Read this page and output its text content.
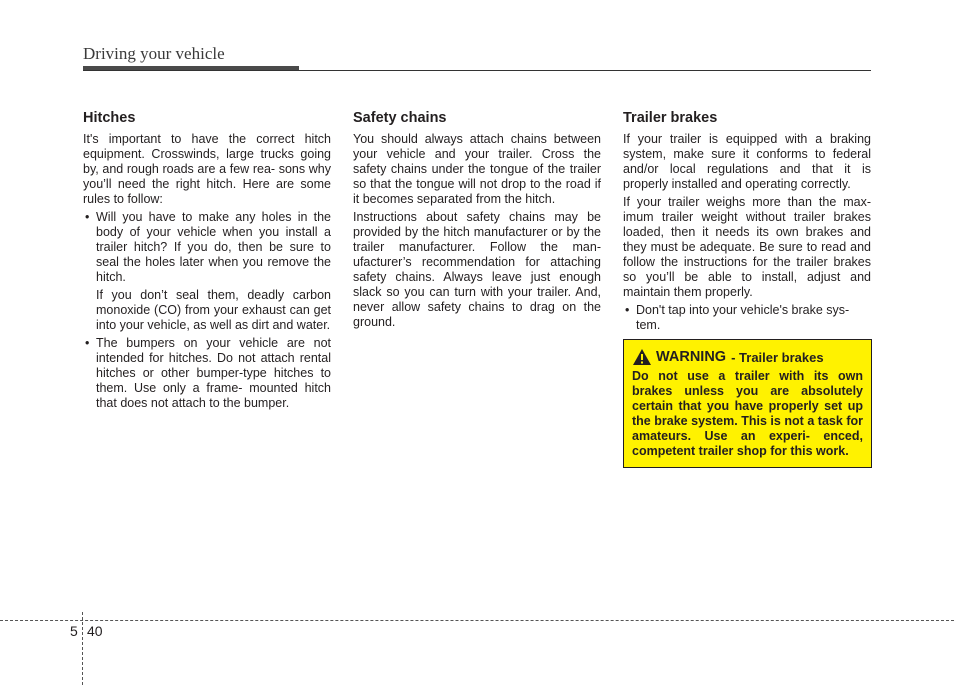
Driving your vehicle
Hitches

It's important to have the correct hitch equipment. Crosswinds, large trucks going by, and rough roads are a few rea- sons why you’ll need the right hitch. Here are some rules to follow:

• Will you have to make any holes in the body of your vehicle when you install a trailer hitch? If you do, then be sure to seal the holes later when you remove the hitch.

If you don’t seal them, deadly carbon monoxide (CO) from your exhaust can get into your vehicle, as well as dirt and water.

• The bumpers on your vehicle are not intended for hitches. Do not attach rental hitches or other bumper-type hitches to them. Use only a frame- mounted hitch that does not attach to the bumper.

Safety chains

You should always attach chains between your vehicle and your trailer. Cross the safety chains under the tongue of the trailer so that the tongue will not drop to the road if it becomes separated from the hitch.

Instructions about safety chains may be provided by the hitch manufacturer or by the trailer manufacturer. Follow the man- ufacturer’s recommendation for attaching safety chains. Always leave just enough slack so you can turn with your trailer. And, never allow safety chains to drag on the ground.

Trailer brakes

If your trailer is equipped with a braking system, make sure it conforms to federal and/or local regulations and that it is properly installed and operating correctly.

If your trailer weighs more than the max- imum trailer weight without trailer brakes loaded, then it needs its own brakes and they must be adequate. Be sure to read and follow the instructions for the trailer brakes so you’ll be able to install, adjust and maintain them properly.

• Don't tap into your vehicle's brake sys- tem.

WARNING - Trailer brakes

Do not use a trailer with its own brakes unless you are absolutely certain that you have properly set up the brake system. This is not a task for amateurs. Use an experi- enced, competent trailer shop for this work.

5 40
